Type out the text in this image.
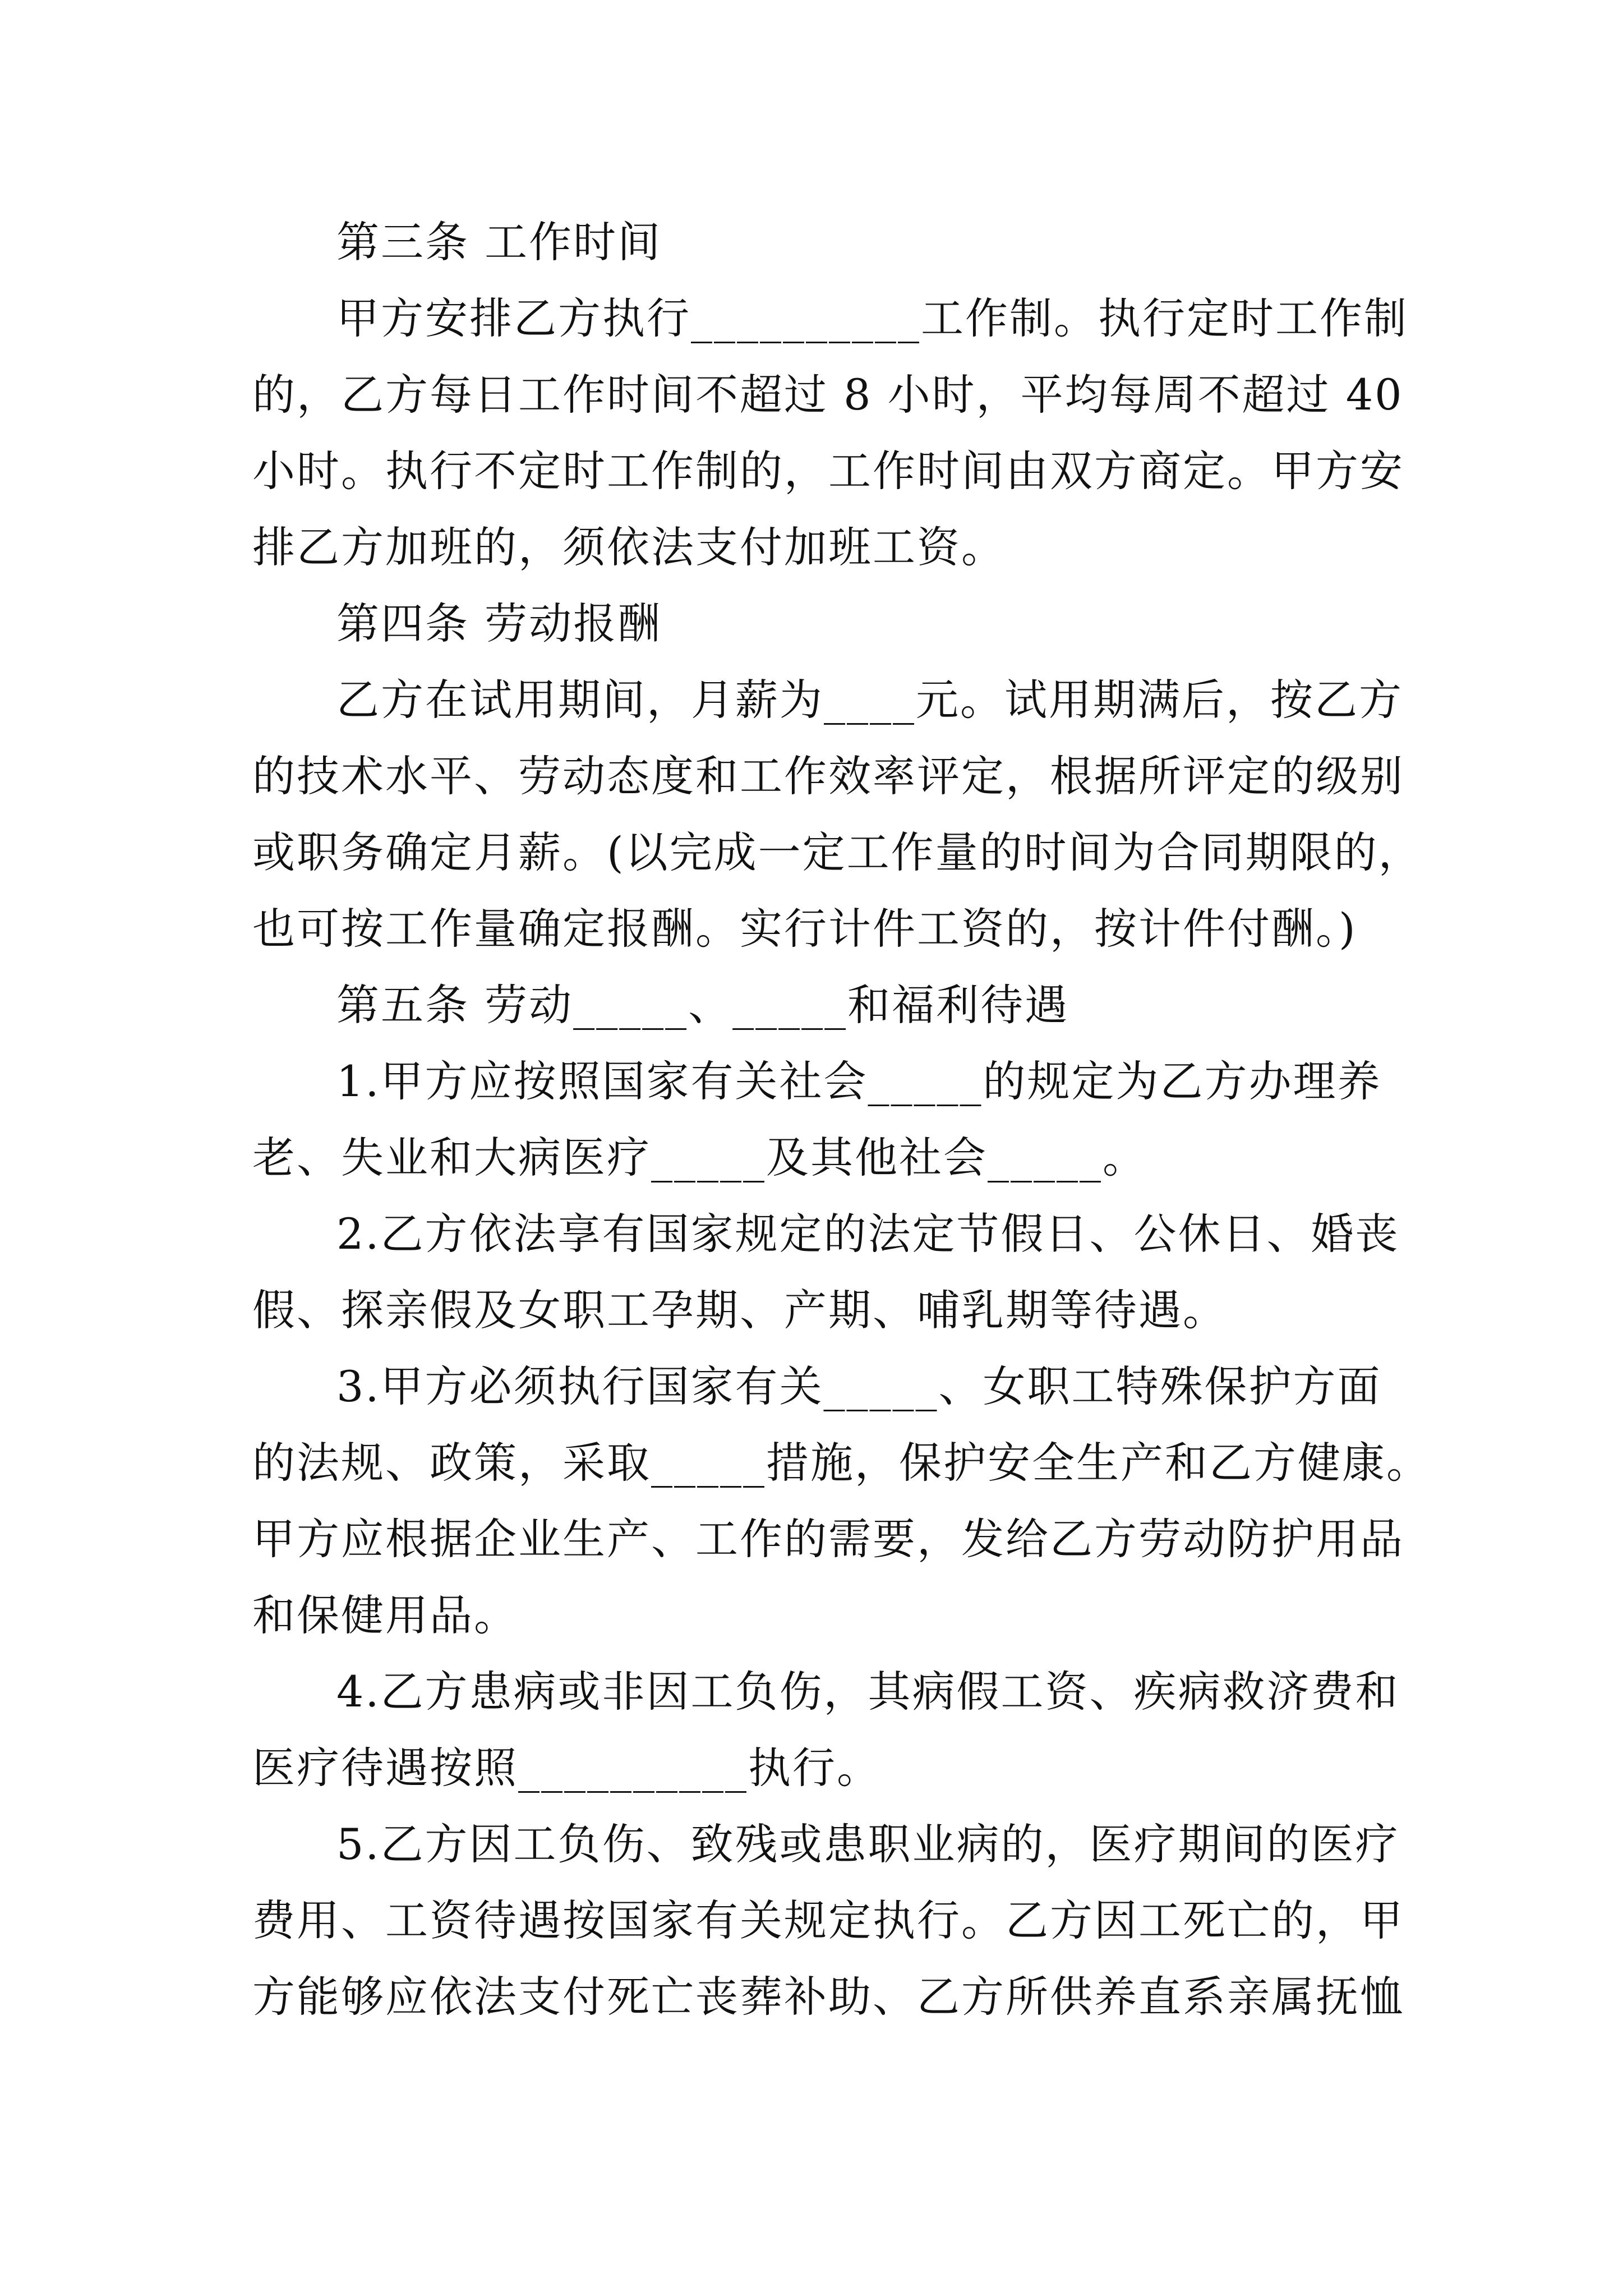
第三条 工作时间
甲方安排乙方执行__________工作制。执行定时工作制
的，乙方每日工作时间不超过 8 小时，平均每周不超过 40
小时。执行不定时工作制的，工作时间由双方商定。甲方安
排乙方加班的，须依法支付加班工资。
第四条 劳动报酬
乙方在试用期间，月薪为____元。试用期满后，按乙方
的技术水平、劳动态度和工作效率评定，根据所评定的级别
或职务确定月薪。(以完成一定工作量的时间为合同期限的，
也可按工作量确定报酬。实行计件工资的，按计件付酬。)
第五条 劳动_____、_____和福利待遇
1.甲方应按照国家有关社会_____的规定为乙方办理养
老、失业和大病医疗_____及其他社会_____。
2.乙方依法享有国家规定的法定节假日、公休日、婚丧
假、探亲假及女职工孕期、产期、哺乳期等待遇。
3.甲方必须执行国家有关_____、女职工特殊保护方面
的法规、政策，采取_____措施，保护安全生产和乙方健康。
甲方应根据企业生产、工作的需要，发给乙方劳动防护用品
和保健用品。
4.乙方患病或非因工负伤，其病假工资、疾病救济费和
医疗待遇按照__________执行。
5.乙方因工负伤、致残或患职业病的，医疗期间的医疗
费用、工资待遇按国家有关规定执行。乙方因工死亡的，甲
方能够应依法支付死亡丧葬补助、乙方所供养直系亲属抚恤
